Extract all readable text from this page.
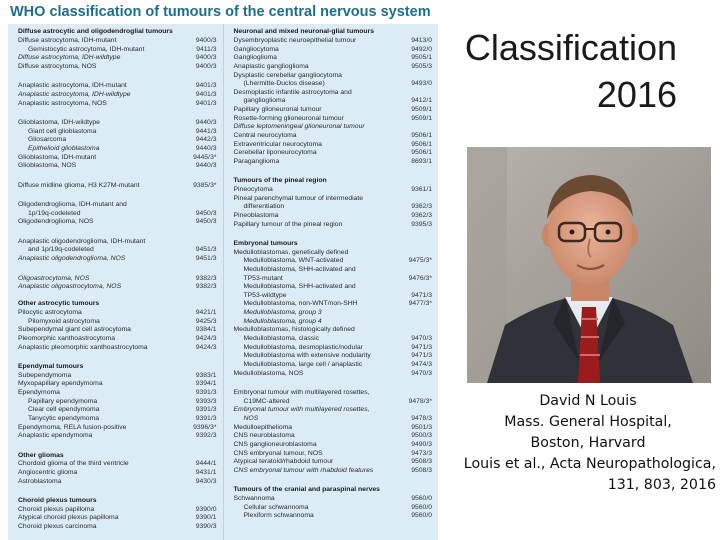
WHO classification of tumours of the central nervous system
Diffuse astrocytic and oligodendroglial tumours
Diffuse astrocytoma, IDH-mutant	9400/3
Gemistocytic astrocytoma, IDH-mutant	9411/3
Diffuse astrocytoma, IDH-wildtype	9400/3
Diffuse astrocytoma, NOS	9400/3
Anaplastic astrocytoma, IDH-mutant	9401/3
Anaplastic astrocytoma, IDH-wildtype	9401/3
Anaplastic astrocytoma, NOS	9401/3
Glioblastoma, IDH-wildtype	9440/3
Giant cell glioblastoma	9441/3
Gliosarcoma	9442/3
Epithelioid glioblastoma	9440/3
Glioblastoma, IDH-mutant	9445/3*
Glioblastoma, NOS	9440/3
Diffuse midline glioma, H3 K27M-mutant	9385/3*
Oligodendroglioma, IDH-mutant and
1p/19q-codeleted	9450/3
Oligodendroglioma, NOS	9450/3
Anaplastic oligodendroglioma, IDH-mutant
and 1p/19q-codeleted	9451/3
Anaplastic oligodendroglioma, NOS	9451/3
Oligoastrocytoma, NOS	9382/3
Anaplastic oligoastrocytoma, NOS	9382/3
Other astrocytic tumours
Pilocytic astrocytoma	9421/1
Pilomyxoid astrocytoma	9425/3
Subependymal giant cell astrocytoma	9384/1
Pleomorphic xanthoastrocytoma	9424/3
Anaplastic pleomorphic xanthoastrocytoma	9424/3
Ependymal tumours
Subependymoma	9383/1
Myxopapillary ependymoma	9394/1
Ependymoma	9391/3
Papillary ependymoma	9393/3
Clear cell ependymoma	9391/3
Tanycytic ependymoma	9391/3
Ependymoma, RELA fusion-positive	9396/3*
Anaplastic ependymoma	9392/3
Other gliomas
Chordoid glioma of the third ventricle	9444/1
Angiocentric glioma	9431/1
Astroblastoma	9430/3
Choroid plexus tumours
Choroid plexus papilloma	9390/0
Atypical choroid plexus papilloma	9390/1
Choroid plexus carcinoma	9390/3
Neuronal and mixed neuronal-glial tumours
Dysembryoplastic neuroepithelial tumour	9413/0
Gangliocytoma	9492/0
Ganglioglioma	9505/1
Anaplastic ganglioglioma	9505/3
Dysplastic cerebellar gangliocytoma
(Lhermitte-Duclos disease)	9493/0
Desmoplastic infantile astrocytoma and
ganglioglioma	9412/1
Papillary glioneuronal tumour	9509/1
Rosette-forming glioneuronal tumour	9509/1
Diffuse leptomeningeal glioneuronal tumour
Central neurocytoma	9506/1
Extraventricular neurocytoma	9506/1
Cerebellar liponeurocytoma	9506/1
Paraganglioma	8693/1
Tumours of the pineal region
Pineocytoma	9361/1
Pineal parenchymal tumour of intermediate
differentiation	9362/3
Pineoblastoma	9362/3
Papillary tumour of the pineal region	9395/3
Embryonal tumours
Medulloblastomas, genetically defined
Medulloblastoma, WNT-activated	9475/3*
Medulloblastoma, SHH-activated and
TP53-mutant	9476/3*
Medulloblastoma, SHH-activated and
TP53-wildtype	9471/3
Medulloblastoma, non-WNT/non-SHH	9477/3*
Medulloblastoma, group 3
Medulloblastoma, group 4
Medulloblastomas, histologically defined
Medulloblastoma, classic	9470/3
Medulloblastoma, desmoplastic/nodular	9471/3
Medulloblastoma with extensive nodularity	9471/3
Medulloblastoma, large cell / anaplastic	9474/3
Medulloblastoma, NOS	9470/3
Embryonal tumour with multilayered rosettes,
C19MC-altered	9478/3*
Embryonal tumour with multilayered rosettes,
NOS	9478/3
Medulloepithelioma	9501/3
CNS neuroblastoma	9500/3
CNS ganglioneuroblastoma	9490/3
CNS embryonal tumour, NOS	9473/3
Atypical teratoid/rhabdoid tumour	9508/3
CNS embryonal tumour with rhabdoid features	9508/3
Tumours of the cranial and paraspinal nerves
Schwannoma	9560/0
Cellular schwannoma	9560/0
Plexiform schwannoma	9560/0
Classification
2016
David N Louis
Mass. General Hospital,
Boston, Harvard
Louis et al., Acta Neuropathologica,
131, 803, 2016
